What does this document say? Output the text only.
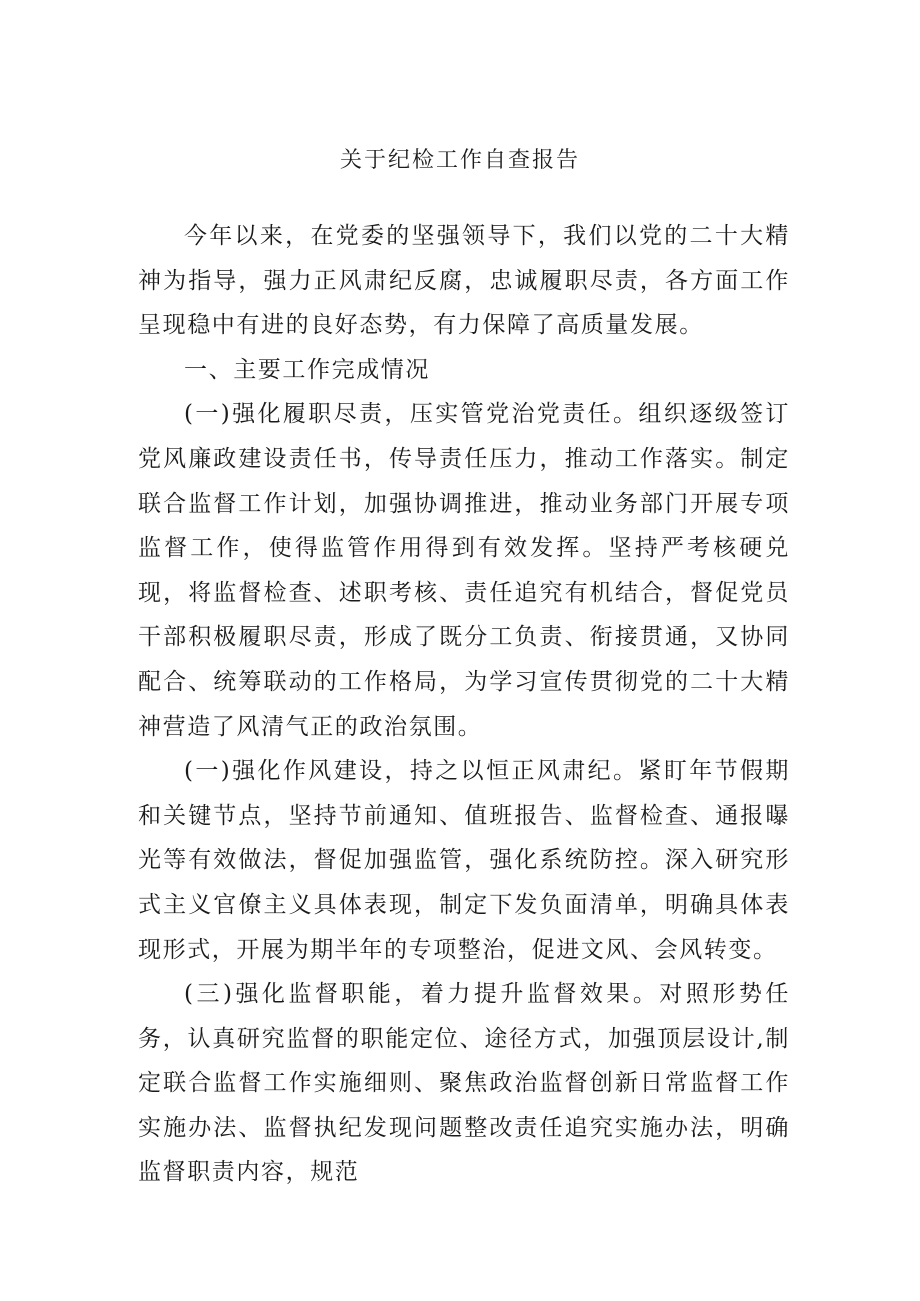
关于纪检工作自查报告

今年以来，在党委的坚强领导下，我们以党的二十大精神为指导，强力正风肃纪反腐，忠诚履职尽责，各方面工作呈现稳中有进的良好态势，有力保障了高质量发展。

一、主要工作完成情况

(一)强化履职尽责，压实管党治党责任。组织逐级签订党风廉政建设责任书，传导责任压力，推动工作落实。制定联合监督工作计划，加强协调推进，推动业务部门开展专项监督工作，使得监管作用得到有效发挥。坚持严考核硬兑现，将监督检查、述职考核、责任追究有机结合，督促党员干部积极履职尽责，形成了既分工负责、衔接贯通，又协同配合、统筹联动的工作格局，为学习宣传贯彻党的二十大精神营造了风清气正的政治氛围。

(一)强化作风建设，持之以恒正风肃纪。紧盯年节假期和关键节点，坚持节前通知、值班报告、监督检查、通报曝光等有效做法，督促加强监管，强化系统防控。深入研究形式主义官僚主义具体表现，制定下发负面清单，明确具体表现形式，开展为期半年的专项整治，促进文风、会风转变。

(三)强化监督职能，着力提升监督效果。对照形势任务，认真研究监督的职能定位、途径方式，加强顶层设计,制定联合监督工作实施细则、聚焦政治监督创新日常监督工作实施办法、监督执纪发现问题整改责任追究实施办法，明确监督职责内容，规范
